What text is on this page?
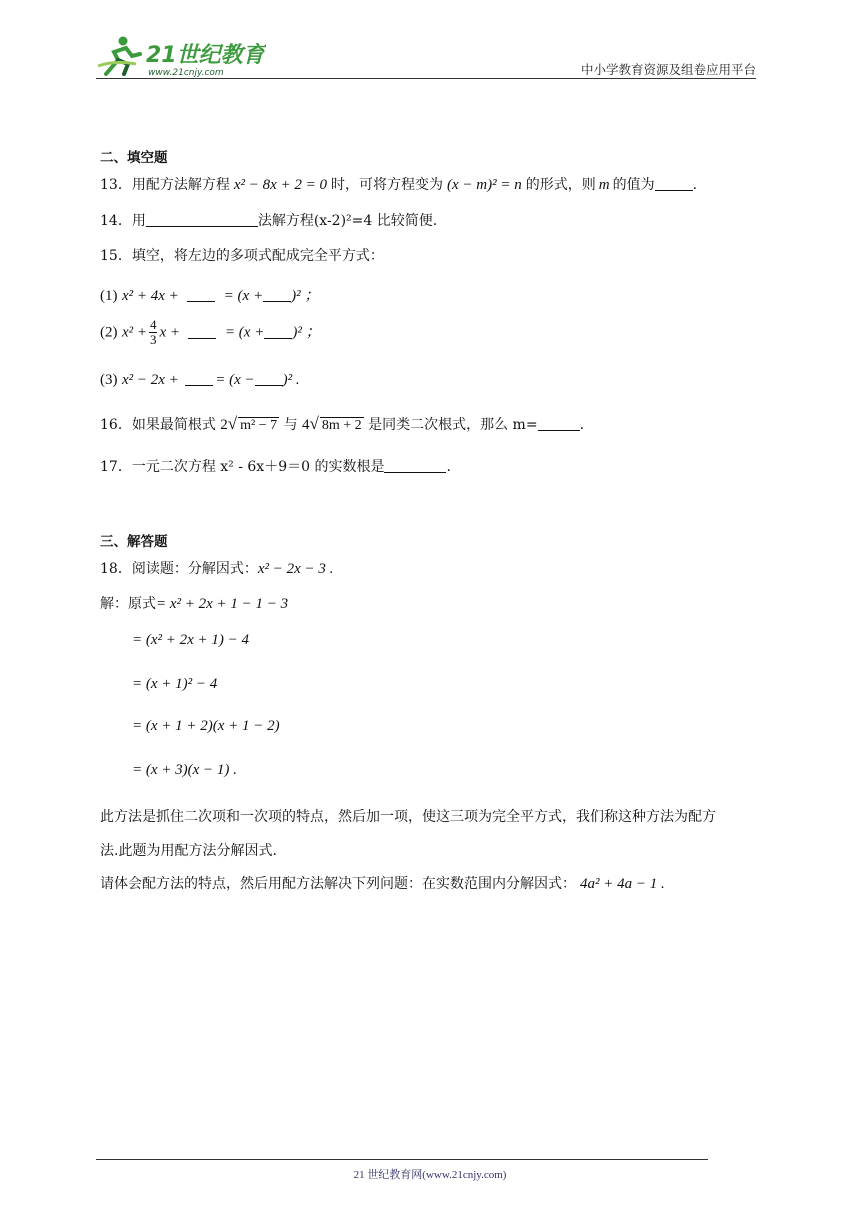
21世纪教育
www.21cnjy.com	中小学教育资源及组卷应用平台
二、填空题
13．用配方法解方程 x² − 8x + 2 = 0 时，可将方程变为 (x − m)² = n 的形式，则 m 的值为	.
14．用	法解方程(x-2)²=4 比较简便.
15．填空，将左边的多项式配成完全平方式：
(1) x² + 4x +	= (x + )² ；
(2) $x^2 + \frac{4}{3}$ x +	= (x + )² ；
(3) x² − 2x + = (x − )² .
16．如果最简根式 2√ m² − 7 与 4√ 8m + 2 是同类二次根式，那么 m=	.
17．一元二次方程 x² - 6x＋9＝0 的实数根是	.
三、解答题
18．阅读题：分解因式：x² − 2x − 3 .
解：原式= x² + 2x + 1 − 1 − 3
= (x² + 2x + 1) − 4
= (x + 1)² − 4
= (x + 1 + 2)(x + 1 − 2)
= (x + 3)(x − 1) .
此方法是抓住二次项和一次项的特点，然后加一项，使这三项为完全平方式，我们称这种方法为配方
法.此题为用配方法分解因式.
请体会配方法的特点，然后用配方法解决下列问题：在实数范围内分解因式： 4a² + 4a − 1 .
21 世纪教育网(www.21cnjy.com)
